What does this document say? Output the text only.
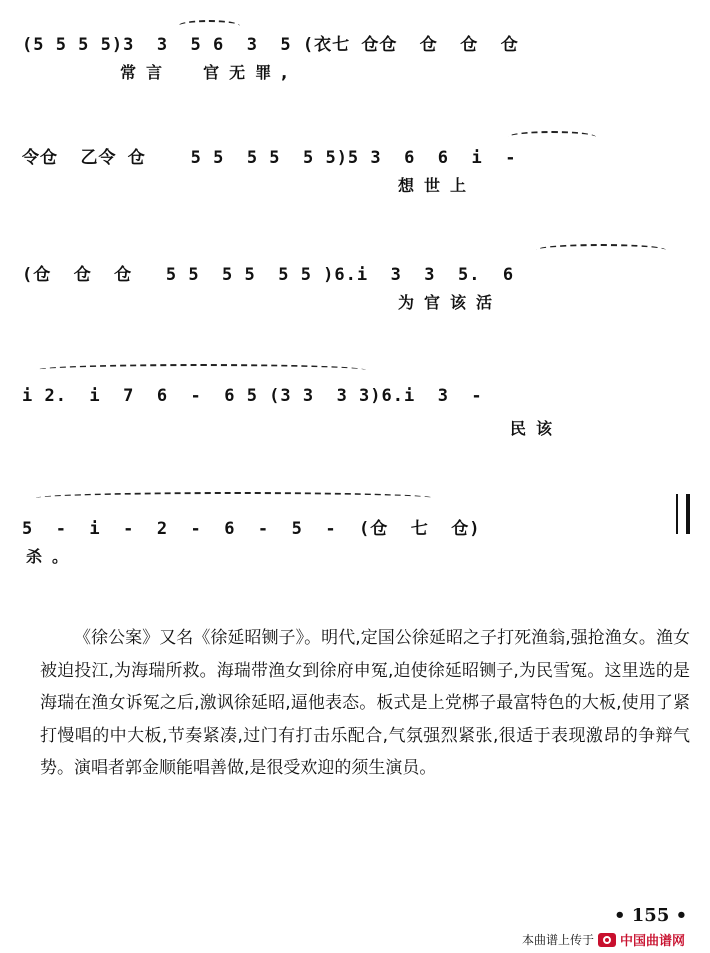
(5 5 5 5)3  3  5 6  3  5 (衣七 仓仓  仓  仓  仓
常言  官无罪,
令仓  乙令 仓    5 5  5 5  5 5)5 3  6  6  i  -
想世上
(仓  仓  仓   5 5  5 5  5 5 )6.i  3  3  5.  6
为官该活
i 2.  i  7  6  -  6 5 (3 3  3 3)6.i  3  -
民该
5  -  i  -  2  -  6  -  5  -  (仓  七  仓)
杀。

《徐公案》又名《徐延昭铡子》。明代,定国公徐延昭之子打死渔翁,强抢渔女。渔女被迫投江,为海瑞所救。海瑞带渔女到徐府申冤,迫使徐延昭铡子,为民雪冤。这里选的是海瑞在渔女诉冤之后,激讽徐延昭,逼他表态。板式是上党梆子最富特色的大板,使用了紧打慢唱的中大板,节奏紧凑,过门有打击乐配合,气氛强烈紧张,很适于表现激昂的争辩气势。演唱者郭金顺能唱善做,是很受欢迎的须生演员。

• 155 •
本曲谱上传于 中国曲谱网
